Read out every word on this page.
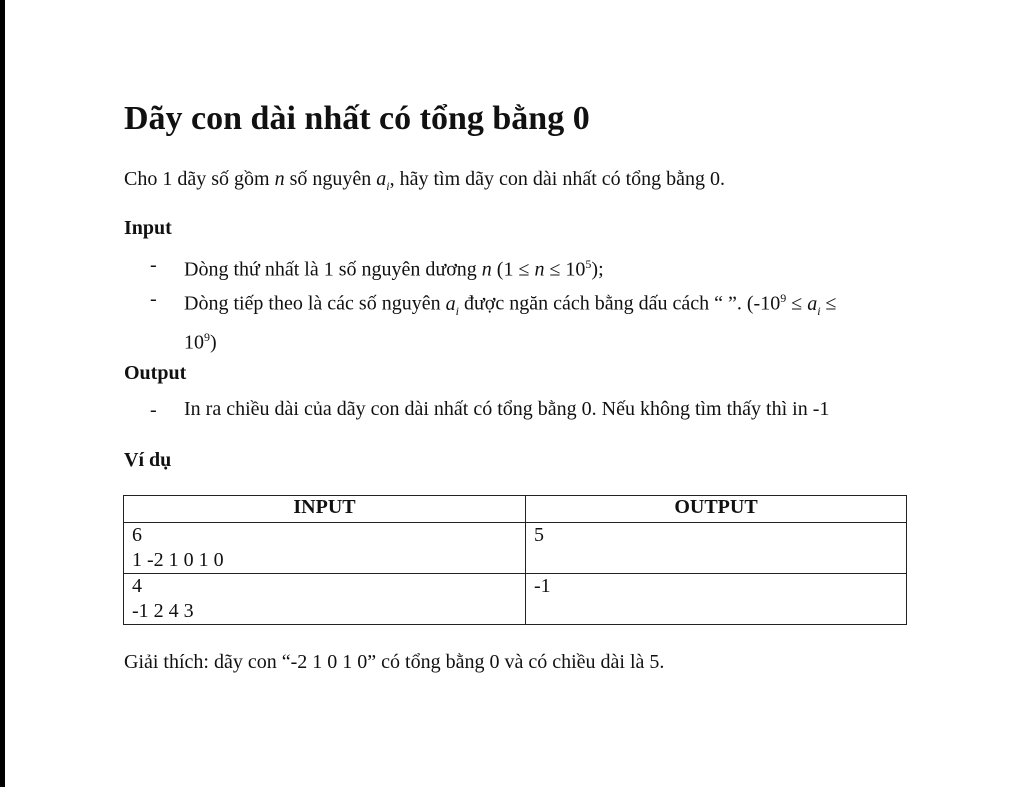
Dãy con dài nhất có tổng bằng 0
Cho 1 dãy số gồm n số nguyên $a_i$, hãy tìm dãy con dài nhất có tổng bằng 0.
Input
- Dòng thứ nhất là 1 số nguyên dương n $(1 \le n \le 10^5)$;
- Dòng tiếp theo là các số nguyên $a_i$ được ngăn cách bằng dấu cách “ ”. ($-10^9 \le a_i$ ≤
$10^9$)
Output
- In ra chiều dài của dãy con dài nhất có tổng bằng 0. Nếu không tìm thấy thì in -1
Ví dụ
INPUT	OUTPUT
6
1 -2 1 0 1 0	5
4
-1 2 4 3	-1
Giải thích: dãy con “-2 1 0 1 0” có tổng bằng 0 và có chiều dài là 5.
